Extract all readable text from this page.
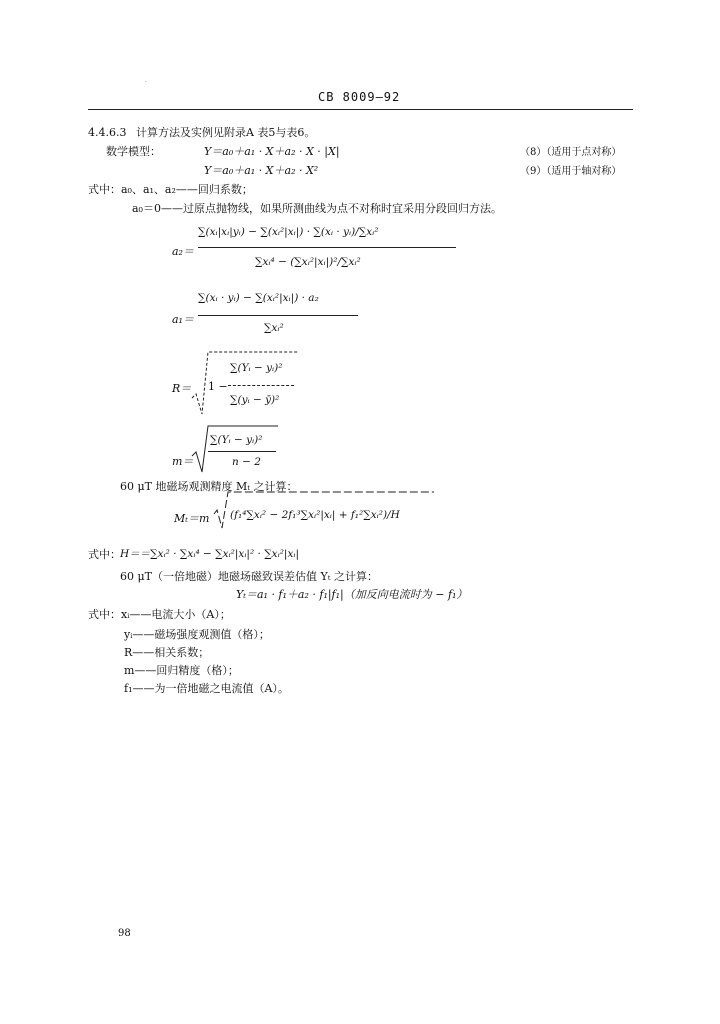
.
CB 8009—92
4.4.6.3 计算方法及实例见附录A 表5与表6。
数学模型：	Y＝a₀＋a₁ · X＋a₂ · X · |X|	（8）（适用于点对称）
Y＝a₀＋a₁ · X＋a₂ · X²	（9）（适用于轴对称）
式中：a₀、a₁、a₂——回归系数；
a₀＝0——过原点抛物线，如果所测曲线为点不对称时宜采用分段回归方法。
a₂＝
∑(xᵢ|xᵢ|yᵢ) − ∑(xᵢ²|xᵢ|) · ∑(xᵢ · yᵢ)/∑xᵢ²
∑xᵢ⁴ − (∑xᵢ²|xᵢ|)²/∑xᵢ²
a₁＝
∑(xᵢ · yᵢ) − ∑(xᵢ²|xᵢ|) · a₂
∑xᵢ²
R＝ 1 −
∑(Yᵢ − yᵢ)²
∑(yᵢ − ȳ)²
m＝
∑(Yᵢ − yᵢ)²
n − 2
60 μT 地磁场观测精度 Mₜ 之计算：
Mₜ＝m (f₁⁴∑xᵢ² − 2f₁³∑xᵢ²|xᵢ| + f₁²∑xᵢ²)/H
式中： H＝＝∑xᵢ² · ∑xᵢ⁴ − ∑xᵢ²|xᵢ|² · ∑xᵢ²|xᵢ|
60 μT（一倍地磁）地磁场磁致误差估值 Yₜ 之计算：
Yₜ＝a₁ · f₁＋a₂ · f₁|f₁|（加反向电流时为 − f₁）
式中：xᵢ——电流大小（A）；
yᵢ——磁场强度观测值（格）；
R——相关系数；
m——回归精度（格）；
f₁——为一倍地磁之电流值（A）。
98
